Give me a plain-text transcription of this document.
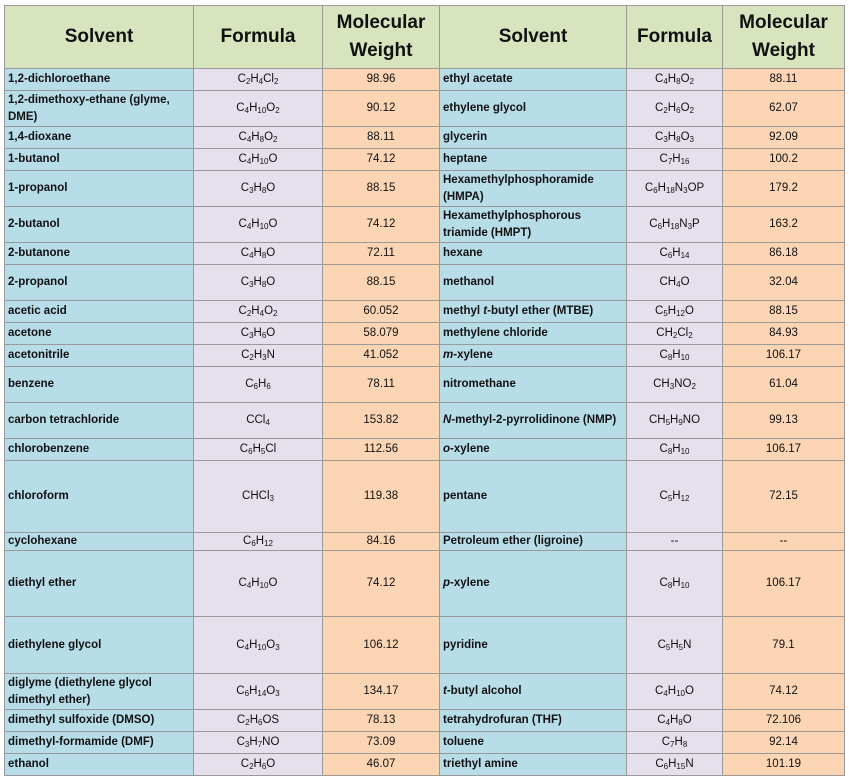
Solvent	Formula	Molecular Weight	Solvent	Formula	Molecular Weight
1,2-dichloroethane	$C_2H_4Cl_2$	98.96	ethyl acetate	$C_4H_8O_2$	88.11
1,2-dimethoxy-ethane (glyme, DME)	$C_4H_{10}O_2$	90.12	ethylene glycol	$C_2H_6O_2$	62.07
1,4-dioxane	$C_4H_8O_2$	88.11	glycerin	$C_3H_8O_3$	92.09
1-butanol	$C_4H_{10}O$	74.12	heptane	$C_7H_{16}$	100.2
1-propanol	$C_3H_8O$	88.15	Hexamethylphosphoramide (HMPA)	$C_6H_{18}N_3OP$	179.2
2-butanol	$C_4H_{10}O$	74.12	Hexamethylphosphorous triamide (HMPT)	$C_6H_{18}N_3P$	163.2
2-butanone	$C_4H_8O$	72.11	hexane	$C_6H_{14}$	86.18
2-propanol	$C_3H_8O$	88.15	methanol	$CH_4O$	32.04
acetic acid	$C_2H_4O_2$	60.052	methyl t-butyl ether (MTBE)	$C_5H_{12}O$	88.15
acetone	$C_3H_6O$	58.079	methylene chloride	$CH_2Cl_2$	84.93
acetonitrile	$C_2H_3N$	41.052	m-xylene	$C_8H_{10}$	106.17
benzene	$C_6H_6$	78.11	nitromethane	$CH_3NO_2$	61.04
carbon tetrachloride	CCl$_4$	153.82	N-methyl-2-pyrrolidinone (NMP)	$CH_5H_9NO$	99.13
chlorobenzene	$C_6H_5Cl$	112.56	o-xylene	$C_8H_{10}$	106.17
chloroform	CHCl$_3$	119.38	pentane	$C_5H_{12}$	72.15
cyclohexane	$C_6H_{12}$	84.16	Petroleum ether (ligroine)	--	--
diethyl ether	$C_4H_{10}O$	74.12	p-xylene	$C_8H_{10}$	106.17
diethylene glycol	$C_4H_{10}O_3$	106.12	pyridine	$C_5H_5N$	79.1
diglyme (diethylene glycol dimethyl ether)	$C_6H_{14}O_3$	134.17	t-butyl alcohol	$C_4H_{10}O$	74.12
dimethyl sulfoxide (DMSO)	$C_2H_6OS$	78.13	tetrahydrofuran (THF)	$C_4H_8O$	72.106
dimethyl-formamide (DMF)	$C_3H_7NO$	73.09	toluene	$C_7H_8$	92.14
ethanol	$C_2H_6O$	46.07	triethyl amine	$C_6H_{15}N$	101.19
